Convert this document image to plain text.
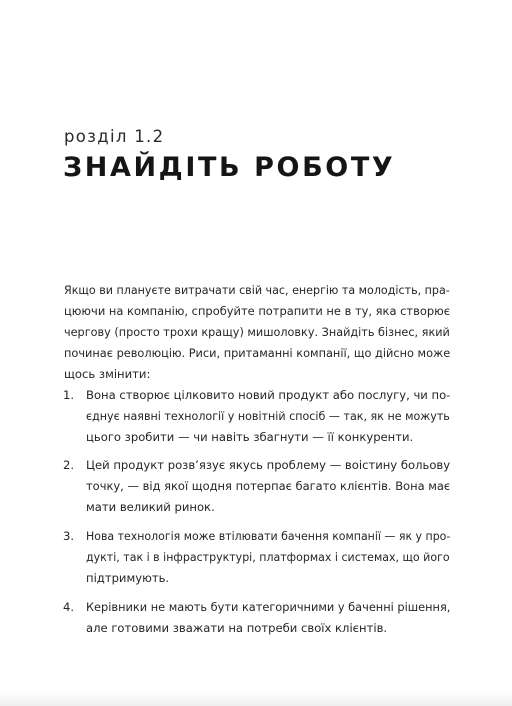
розділ 1.2
ЗНАЙДІТЬ РОБОТУ
Якщо ви плануєте витрачати свій час, енергію та молодість, пра-
цюючи на компанію, спробуйте потрапити не в ту, яка створює
чергову (просто трохи кращу) мишоловку. Знайдіть бізнес, який
починає революцію. Риси, притаманні компанії, що дійсно може
щось змінити:
1. Вона створює цілковито новий продукт або послугу, чи по-
єднує наявні технології у новітній спосіб — так, як не можуть
цього зробити — чи навіть збагнути — її конкуренти.
2. Цей продукт розв’язує якусь проблему — воістину больову
точку, — від якої щодня потерпає багато клієнтів. Вона має
мати великий ринок.
3. Нова технологія може втілювати бачення компанії — як у про-
дукті, так і в інфраструктурі, платформах і системах, що його
підтримують.
4. Керівники не мають бути категоричними у баченні рішення,
але готовими зважати на потреби своїх клієнтів.
